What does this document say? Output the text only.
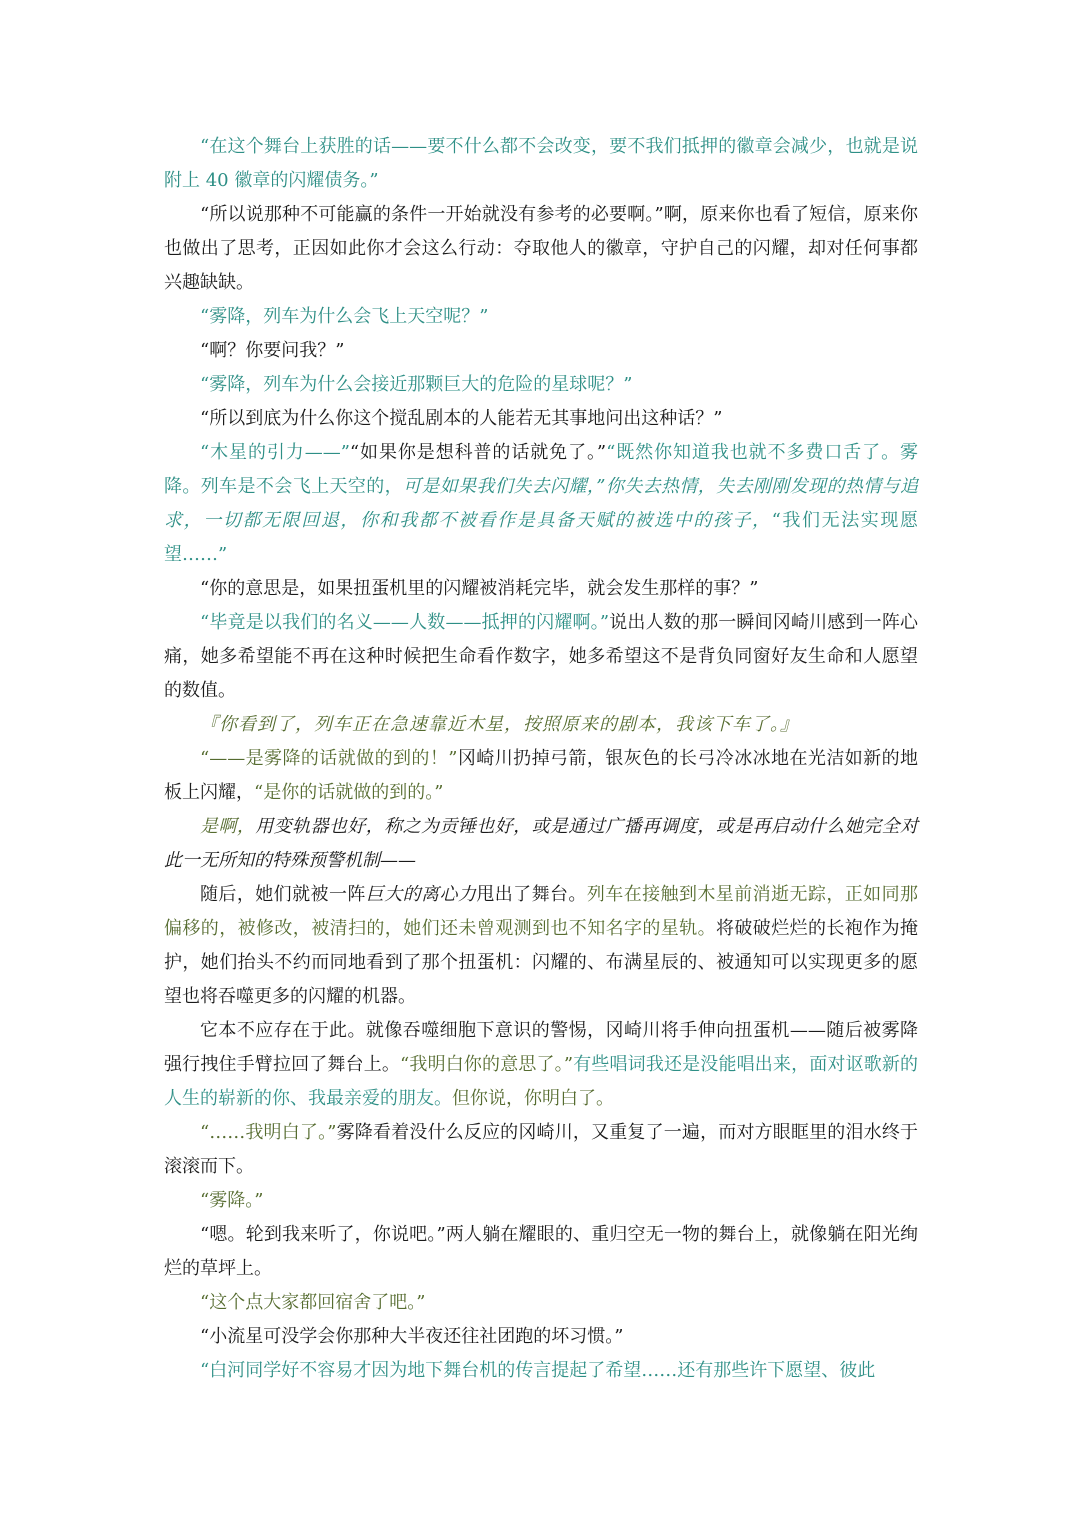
“在这个舞台上获胜的话——要不什么都不会改变，要不我们抵押的徽章会减少，也就是说附上 40 徽章的闪耀债务。”

“所以说那种不可能赢的条件一开始就没有参考的必要啊。”啊，原来你也看了短信，原来你也做出了思考，正因如此你才会这么行动：夺取他人的徽章，守护自己的闪耀，却对任何事都兴趣缺缺。

“雾降，列车为什么会飞上天空呢？”

“啊？你要问我？”

“雾降，列车为什么会接近那颗巨大的危险的星球呢？”

“所以到底为什么你这个搅乱剧本的人能若无其事地问出这种话？”

“木星的引力——”“如果你是想科普的话就免了。”“既然你知道我也就不多费口舌了。雾降。列车是不会飞上天空的，可是如果我们失去闪耀，”你失去热情，失去刚刚发现的热情与追求，一切都无限回退，你和我都不被看作是具备天赋的被选中的孩子，“我们无法实现愿望……”

“你的意思是，如果扭蛋机里的闪耀被消耗完毕，就会发生那样的事？”

“毕竟是以我们的名义——人数——抵押的闪耀啊。”说出人数的那一瞬间冈崎川感到一阵心痛，她多希望能不再在这种时候把生命看作数字，她多希望这不是背负同窗好友生命和人愿望的数值。

『你看到了，列车正在急速靠近木星，按照原来的剧本，我该下车了。』

“——是雾降的话就做的到的！”冈崎川扔掉弓箭，银灰色的长弓冷冰冰地在光洁如新的地板上闪耀，“是你的话就做的到的。”

是啊，用变轨器也好，称之为贡锤也好，或是通过广播再调度，或是再启动什么她完全对此一无所知的特殊预警机制——

随后，她们就被一阵巨大的离心力甩出了舞台。列车在接触到木星前消逝无踪，正如同那偏移的，被修改，被清扫的，她们还未曾观测到也不知名字的星轨。将破破烂烂的长袍作为掩护，她们抬头不约而同地看到了那个扭蛋机：闪耀的、布满星辰的、被通知可以实现更多的愿望也将吞噬更多的闪耀的机器。

它本不应存在于此。就像吞噬细胞下意识的警惕，冈崎川将手伸向扭蛋机——随后被雾降强行拽住手臂拉回了舞台上。“我明白你的意思了。”有些唱词我还是没能唱出来，面对讴歌新的人生的崭新的你、我最亲爱的朋友。但你说，你明白了。

“……我明白了。”雾降看着没什么反应的冈崎川，又重复了一遍，而对方眼眶里的泪水终于滚滚而下。

“雾降。”

“嗯。轮到我来听了，你说吧。”两人躺在耀眼的、重归空无一物的舞台上，就像躺在阳光绚烂的草坪上。

“这个点大家都回宿舍了吧。”

“小流星可没学会你那种大半夜还往社团跑的坏习惯。”

“白河同学好不容易才因为地下舞台机的传言提起了希望……还有那些许下愿望、彼此
